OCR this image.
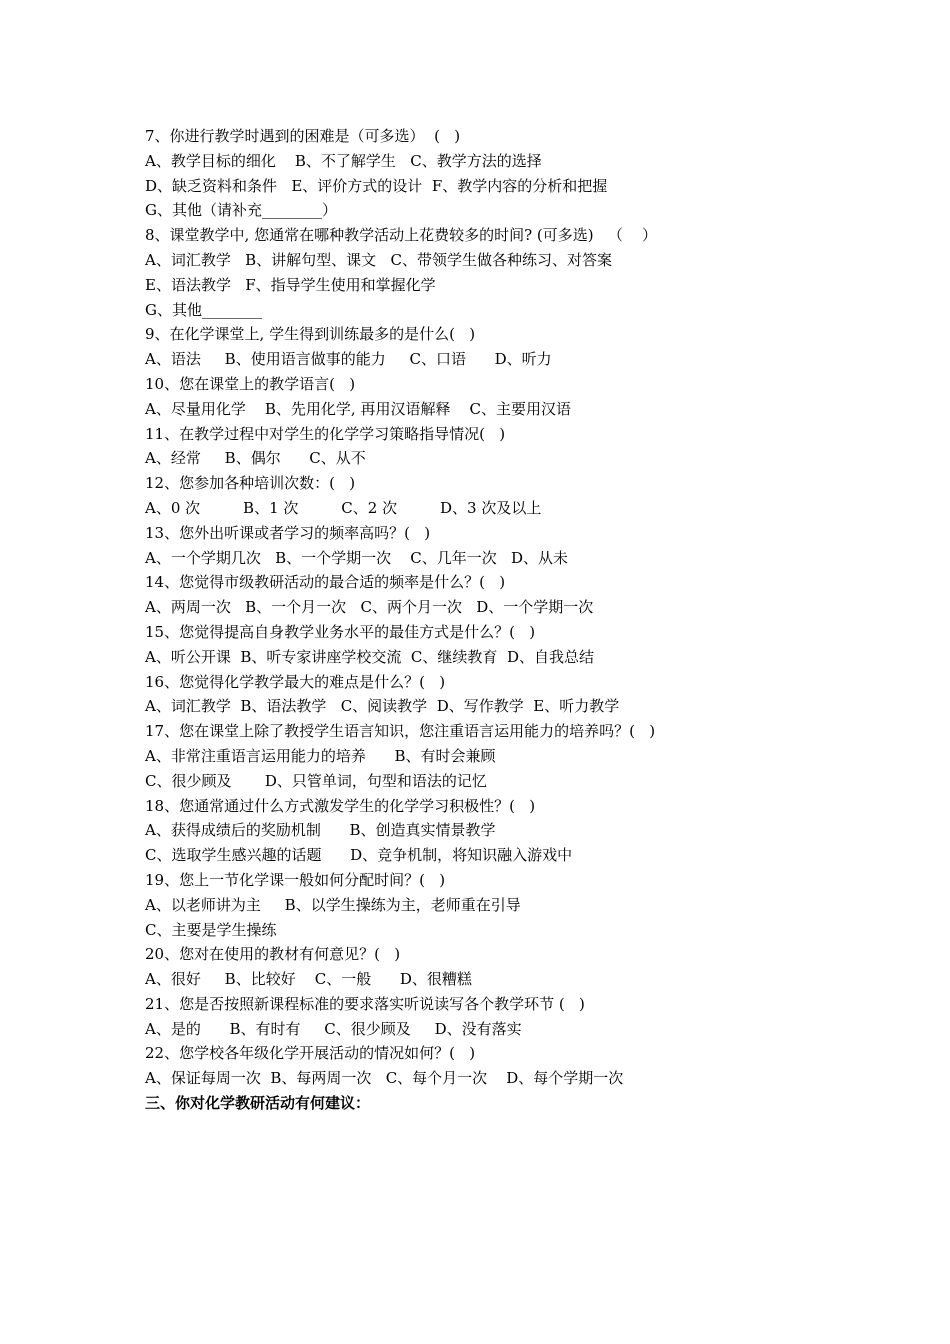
7、你进行教学时遇到的困难是（可多选）  (   )
A、教学目标的细化    B、不了解学生   C、教学方法的选择
D、缺乏资料和条件   E、评价方式的设计  F、教学内容的分析和把握
G、其他（请补充________）
8、课堂教学中, 您通常在哪种教学活动上花费较多的时间? (可多选)   （    ）
A、词汇教学   B、讲解句型、课文   C、带领学生做各种练习、对答案
E、语法教学   F、指导学生使用和掌握化学
G、其他________
9、在化学课堂上, 学生得到训练最多的是什么(   )
A、语法     B、使用语言做事的能力     C、口语      D、听力
10、您在课堂上的教学语言(   )
A、尽量用化学    B、先用化学, 再用汉语解释    C、主要用汉语
11、在教学过程中对学生的化学学习策略指导情况(   )
A、经常     B、偶尔      C、从不
12、您参加各种培训次数：(   )
A、0 次         B、1 次         C、2 次         D、3 次及以上
13、您外出听课或者学习的频率高吗？(   )
A、一个学期几次   B、一个学期一次    C、几年一次   D、从未
14、您觉得市级教研活动的最合适的频率是什么？(   )
A、两周一次   B、一个月一次   C、两个月一次   D、一个学期一次
15、您觉得提高自身教学业务水平的最佳方式是什么？(   )
A、听公开课  B、听专家讲座学校交流  C、继续教育  D、自我总结
16、您觉得化学教学最大的难点是什么？(   )
A、词汇教学  B、语法教学   C、阅读教学  D、写作教学  E、听力教学
17、您在课堂上除了教授学生语言知识，您注重语言运用能力的培养吗？(   )
A、非常注重语言运用能力的培养      B、有时会兼顾
C、很少顾及       D、只管单词，句型和语法的记忆
18、您通常通过什么方式激发学生的化学学习积极性？(   )
A、获得成绩后的奖励机制      B、创造真实情景教学
C、选取学生感兴趣的话题      D、竞争机制，将知识融入游戏中
19、您上一节化学课一般如何分配时间？(   )
A、以老师讲为主     B、以学生操练为主，老师重在引导
C、主要是学生操练
20、您对在使用的教材有何意见？(   )
A、很好     B、比较好    C、一般      D、很糟糕
21、您是否按照新课程标准的要求落实听说读写各个教学环节 (   )
A、是的      B、有时有     C、很少顾及     D、没有落实
22、您学校各年级化学开展活动的情况如何？(   )
A、保证每周一次  B、每两周一次   C、每个月一次    D、每个学期一次
三、你对化学教研活动有何建议：
